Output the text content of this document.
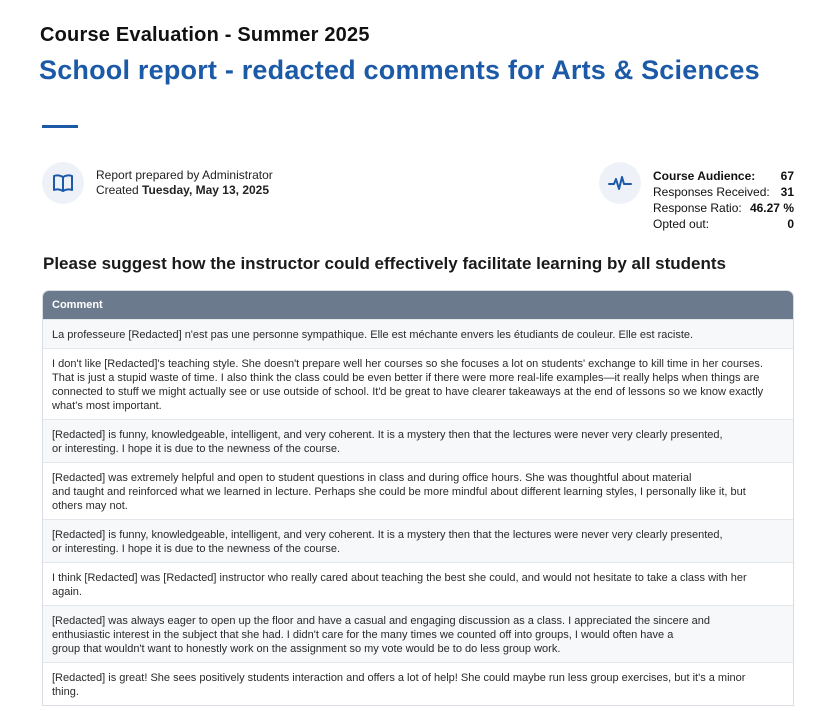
Course Evaluation - Summer 2025
School report - redacted comments for Arts & Sciences
Report prepared by Administrator
Created Tuesday, May 13, 2025
Course Audience: 67
Responses Received: 31
Response Ratio: 46.27 %
Opted out:	0
Please suggest how the instructor could effectively facilitate learning by all students
Comment
La professeure [Redacted] n'est pas une personne sympathique. Elle est méchante envers les étudiants de couleur. Elle est raciste.
I don't like [Redacted]'s teaching style. She doesn't prepare well her courses so she focuses a lot on students' exchange to kill time in her courses.
That is just a stupid waste of time. I also think the class could be even better if there were more real-life examples—it really helps when things are
connected to stuff we might actually see or use outside of school. It'd be great to have clearer takeaways at the end of lessons so we know exactly
what's most important.
[Redacted] is funny, knowledgeable, intelligent, and very coherent. It is a mystery then that the lectures were never very clearly presented,
or interesting. I hope it is due to the newness of the course.
[Redacted] was extremely helpful and open to student questions in class and during office hours. She was thoughtful about material
and taught and reinforced what we learned in lecture. Perhaps she could be more mindful about different learning styles, I personally like it, but
others may not.
[Redacted] is funny, knowledgeable, intelligent, and very coherent. It is a mystery then that the lectures were never very clearly presented,
or interesting. I hope it is due to the newness of the course.
I think [Redacted] was [Redacted] instructor who really cared about teaching the best she could, and would not hesitate to take a class with her
again.
[Redacted] was always eager to open up the floor and have a casual and engaging discussion as a class. I appreciated the sincere and
enthusiastic interest in the subject that she had. I didn't care for the many times we counted off into groups, I would often have a
group that wouldn't want to honestly work on the assignment so my vote would be to do less group work.
[Redacted] is great! She sees positively students interaction and offers a lot of help! She could maybe run less group exercises, but it's a minor
thing.
